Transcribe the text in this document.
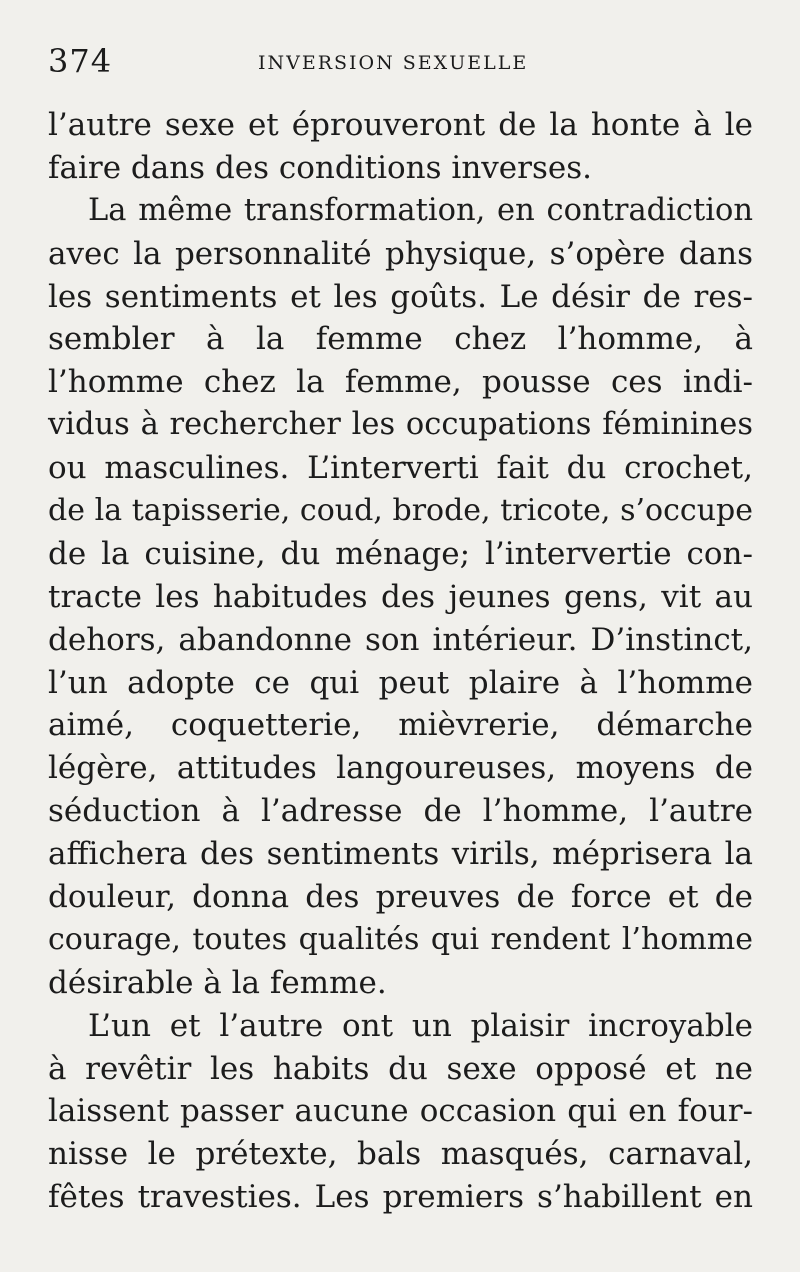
374	INVERSION SEXUELLE
l’autre sexe et éprouveront de la honte à le
faire dans des conditions inverses.
La même transformation, en contradiction
avec la personnalité physique, s’opère dans
les sentiments et les goûts. Le désir de res-
sembler à la femme chez l’homme, à
l’homme chez la femme, pousse ces indi-
vidus à rechercher les occupations féminines
ou masculines. L’interverti fait du crochet,
de la tapisserie, coud, brode, tricote, s’occupe
de la cuisine, du ménage; l’intervertie con-
tracte les habitudes des jeunes gens, vit au
dehors, abandonne son intérieur. D’instinct,
l’un adopte ce qui peut plaire à l’homme
aimé, coquetterie, mièvrerie, démarche
légère, attitudes langoureuses, moyens de
séduction à l’adresse de l’homme, l’autre
affichera des sentiments virils, méprisera la
douleur, donna des preuves de force et de
courage, toutes qualités qui rendent l’homme
désirable à la femme.
L’un et l’autre ont un plaisir incroyable
à revêtir les habits du sexe opposé et ne
laissent passer aucune occasion qui en four-
nisse le prétexte, bals masqués, carnaval,
fêtes travesties. Les premiers s’habillent en
